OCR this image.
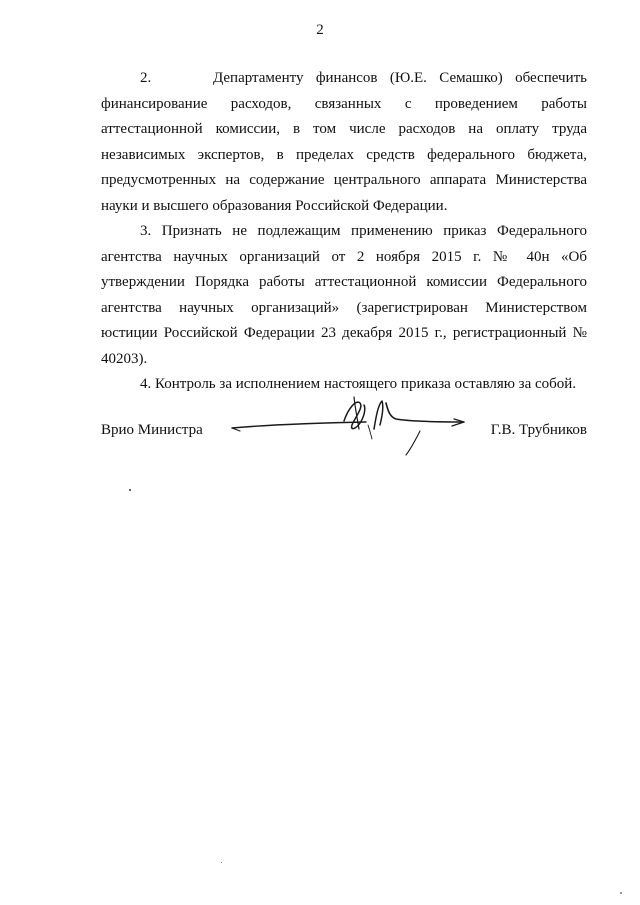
2

2.	Департаменту финансов (Ю.Е. Семашко) обеспечить
финансирование расходов, связанных с проведением работы аттестационной комиссии, в том числе расходов на оплату труда независимых экспертов, в пределах средств федерального бюджета, предусмотренных на содержание центрального аппарата Министерства науки и высшего образования Российской Федерации.

3. Признать не подлежащим применению приказ Федерального агентства научных организаций от 2 ноября 2015 г. № 40н «Об утверждении Порядка работы аттестационной комиссии Федерального агентства научных организаций» (зарегистрирован Министерством юстиции Российской Федерации 23 декабря 2015 г., регистрационный № 40203).

4. Контроль за исполнением настоящего приказа оставляю за собой.

Врио Министра	Г.В. Трубников
